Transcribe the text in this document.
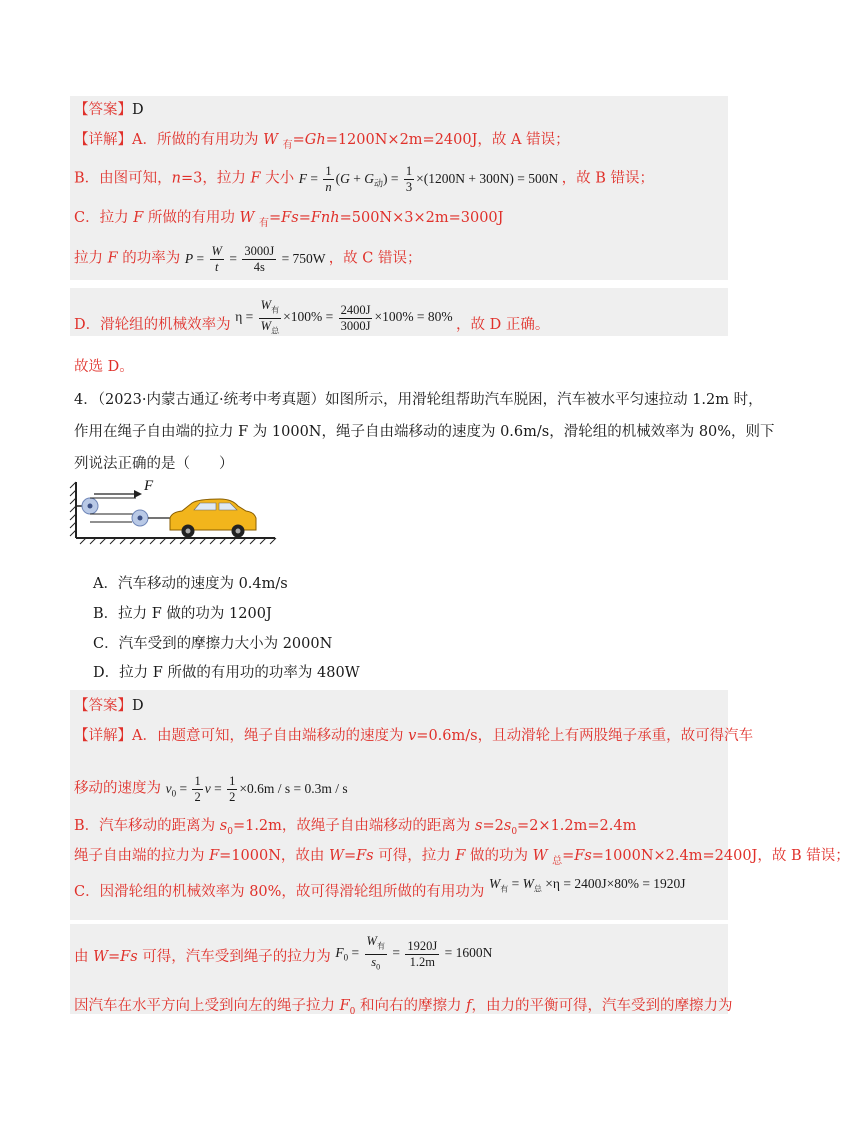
【答案】D
【详解】A．所做的有用功为 W $_有$=Gh=1200N×2m=2400J，故 A 错误；
B．由图可知，n=3，拉力 F 大小 $F = \frac{1}{n} (G + G_动) = \frac{1}{3} \times(1200N + 300N) = 500N$ ，故 B 错误；
C．拉力 F 所做的有用功 W $_有$=Fs=Fnh=500N×3×2m=3000J
拉力 F 的功率为 $P = \frac{W}{t} = \frac{3000J}{4s} = 750W$ ，故 C 错误；
D．滑轮组的机械效率为 $\eta = \frac{W_有}{W_总} \times 100\% = \frac{2400J}{3000J} \times 100\% = 80\%$ ，故 D 正确。
故选 D。
4．（2023·内蒙古通辽·统考中考真题）如图所示，用滑轮组帮助汽车脱困，汽车被水平匀速拉动 1.2m 时，
作用在绳子自由端的拉力 F 为 1000N，绳子自由端移动的速度为 0.6m/s，滑轮组的机械效率为 80%，则下
列说法正确的是（　　）
F
A．汽车移动的速度为 0.4m/s
B．拉力 F 做的功为 1200J
C．汽车受到的摩擦力大小为 2000N
D．拉力 F 所做的有用功的功率为 480W
【答案】D
【详解】A．由题意可知，绳子自由端移动的速度为 v=0.6m/s，且动滑轮上有两股绳子承重，故可得汽车
移动的速度为 $v_0 = \frac{1}{2}$ $v = \frac{1}{2} \times 0.6m / s = 0.3m / s$
B．汽车移动的距离为 $s_0=1.2m$，故绳子自由端移动的距离为 $s=2s_0=2\times 1.2m=2.4m$
绳子自由端的拉力为 F=1000N，故由 W=Fs 可得，拉力 F 做的功为 W $_总$=Fs=1000N×2.4m=2400J，故 B 错误；
C．因滑轮组的机械效率为 80%，故可得滑轮组所做的有用功为 $W_有 = W_总 \times\eta = 2400J\times 80\% = 1920J$
由 W=Fs 可得，汽车受到绳子的拉力为 $F_0 = \frac{W_有}{s_0} = \frac{1920J}{1.2m} = 1600N$
因汽车在水平方向上受到向左的绳子拉力 $F_0$ 和向右的摩擦力 f，由力的平衡可得，汽车受到的摩擦力为
